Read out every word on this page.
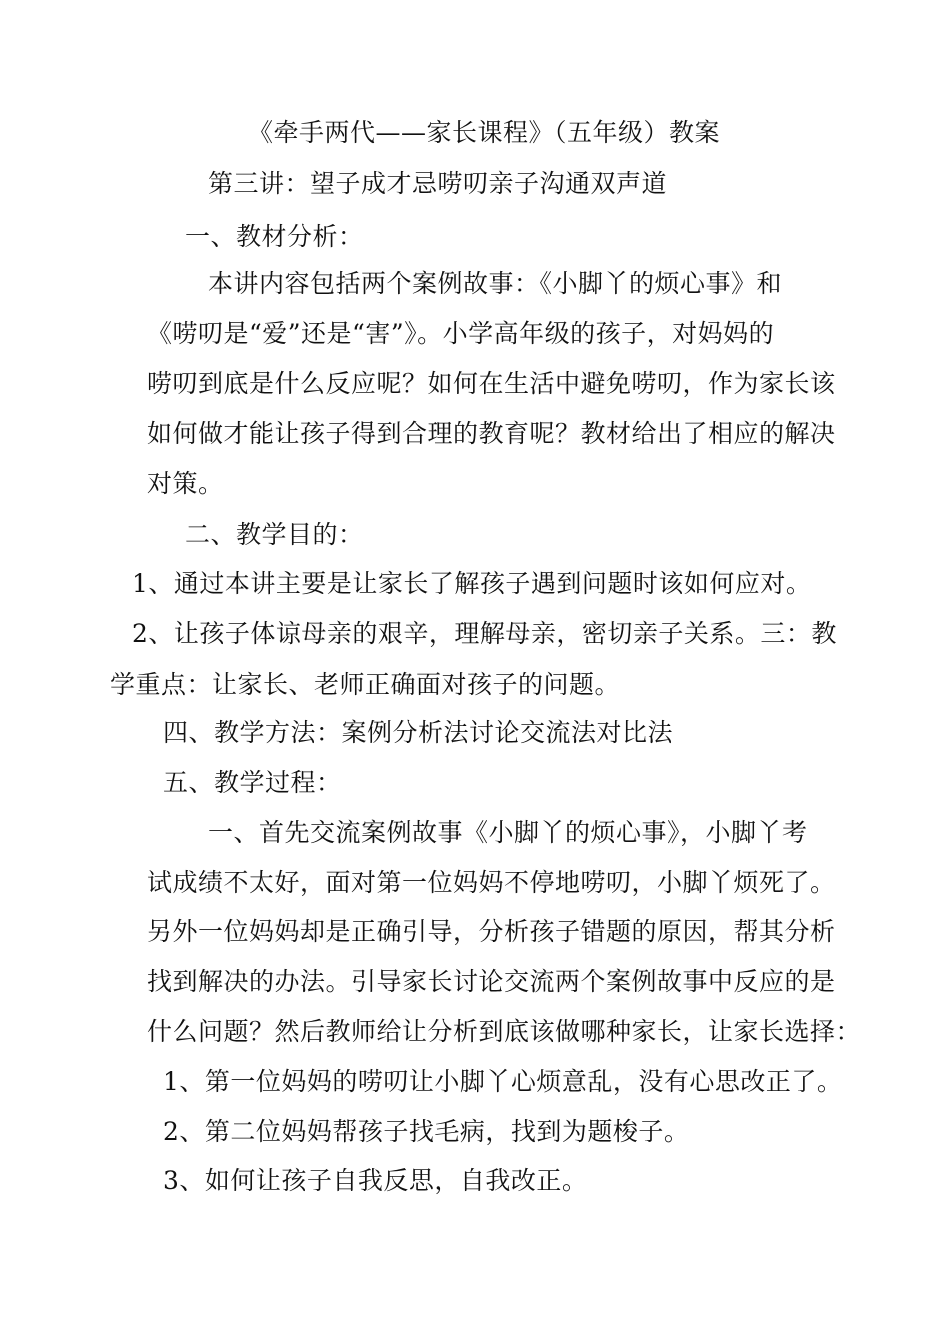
《牵手两代——家长课程》（五年级）教案
第三讲：望子成才忌唠叨亲子沟通双声道
一、教材分析：
本讲内容包括两个案例故事：《小脚丫的烦心事》和
《唠叨是“爱”还是“害”》。小学高年级的孩子，对妈妈的
唠叨到底是什么反应呢？如何在生活中避免唠叨，作为家长该
如何做才能让孩子得到合理的教育呢？教材给出了相应的解决
对策。
二、教学目的：
1、通过本讲主要是让家长了解孩子遇到问题时该如何应对。
2、让孩子体谅母亲的艰辛，理解母亲，密切亲子关系。三：教
学重点：让家长、老师正确面对孩子的问题。
四、教学方法：案例分析法讨论交流法对比法
五、教学过程：
一、首先交流案例故事《小脚丫的烦心事》，小脚丫考
试成绩不太好，面对第一位妈妈不停地唠叨，小脚丫烦死了。
另外一位妈妈却是正确引导，分析孩子错题的原因，帮其分析
找到解决的办法。引导家长讨论交流两个案例故事中反应的是
什么问题？然后教师给让分析到底该做哪种家长，让家长选择：
1、第一位妈妈的唠叨让小脚丫心烦意乱，没有心思改正了。
2、第二位妈妈帮孩子找毛病，找到为题梭子。
3、如何让孩子自我反思，自我改正。
